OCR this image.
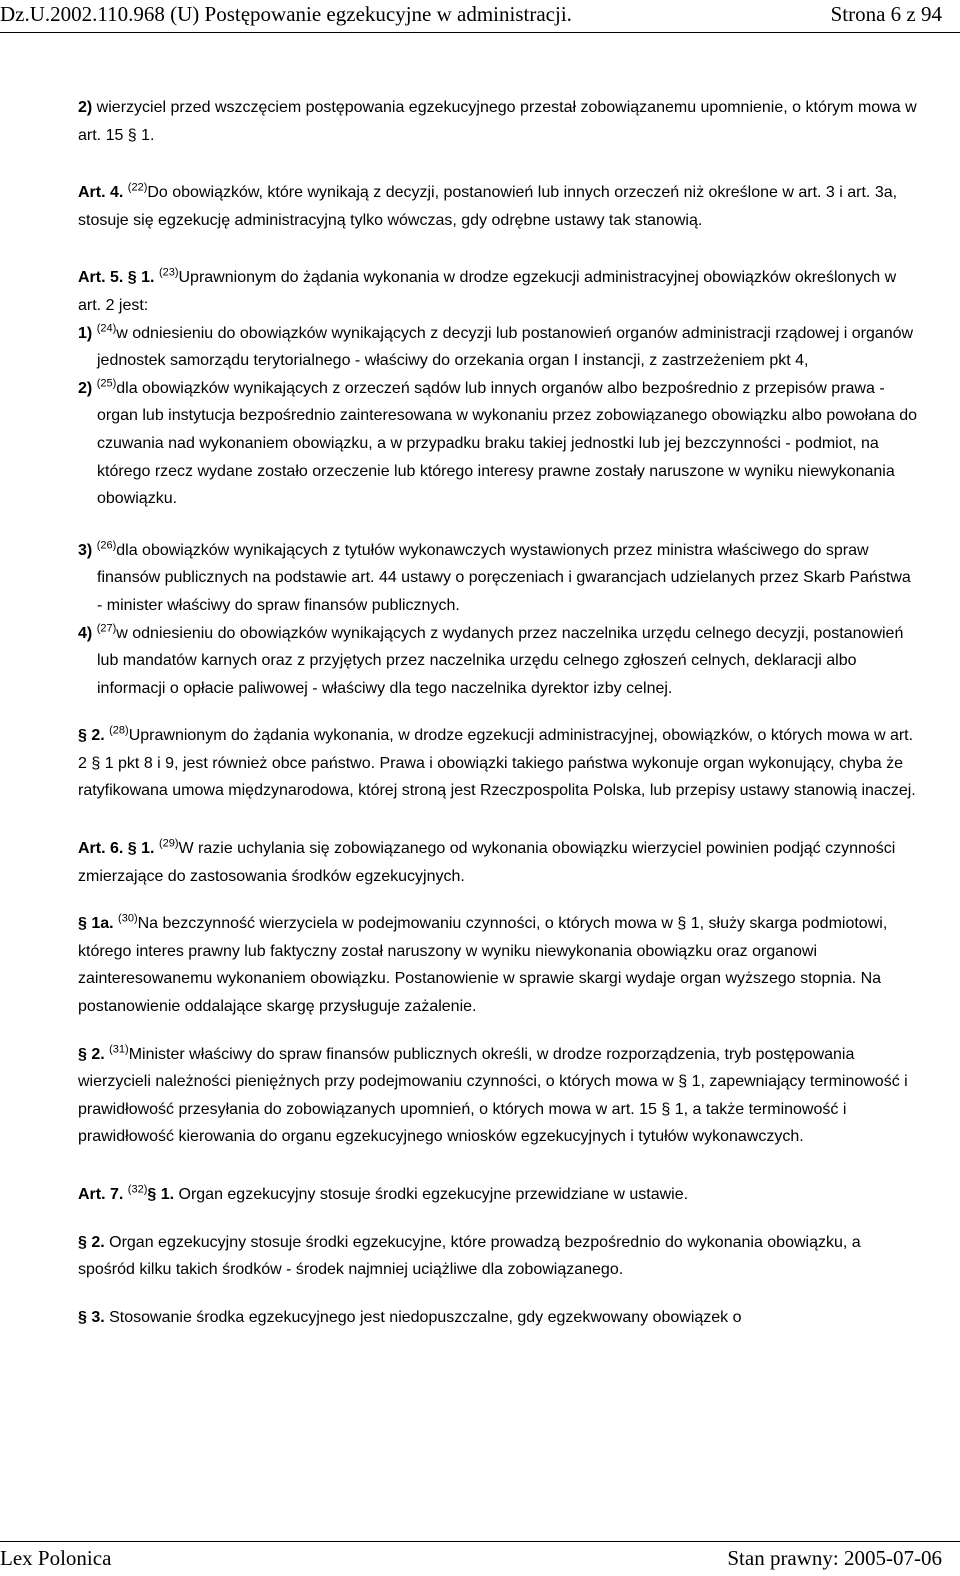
Dz.U.2002.110.968 (U) Postępowanie egzekucyjne w administracji.	Strona 6 z 94

2) wierzyciel przed wszczęciem postępowania egzekucyjnego przestał zobowiązanemu upomnienie, o którym mowa w art. 15 § 1.

Art. 4. $^{(22)}$Do obowiązków, które wynikają z decyzji, postanowień lub innych orzeczeń niż określone w art. 3 i art. 3a, stosuje się egzekucję administracyjną tylko wówczas, gdy odrębne ustawy tak stanowią.

Art. 5. § 1. $^{(23)}$Uprawnionym do żądania wykonania w drodze egzekucji administracyjnej obowiązków określonych w art. 2 jest:

1) $^{(24)}$w odniesieniu do obowiązków wynikających z decyzji lub postanowień organów administracji rządowej i organów jednostek samorządu terytorialnego - właściwy do orzekania organ I instancji, z zastrzeżeniem pkt 4,

2) $^{(25)}$dla obowiązków wynikających z orzeczeń sądów lub innych organów albo bezpośrednio z przepisów prawa - organ lub instytucja bezpośrednio zainteresowana w wykonaniu przez zobowiązanego obowiązku albo powołana do czuwania nad wykonaniem obowiązku, a w przypadku braku takiej jednostki lub jej bezczynności - podmiot, na którego rzecz wydane zostało orzeczenie lub którego interesy prawne zostały naruszone w wyniku niewykonania obowiązku.

3) $^{(26)}$dla obowiązków wynikających z tytułów wykonawczych wystawionych przez ministra właściwego do spraw finansów publicznych na podstawie art. 44 ustawy o poręczeniach i gwarancjach udzielanych przez Skarb Państwa - minister właściwy do spraw finansów publicznych.

4) $^{(27)}$w odniesieniu do obowiązków wynikających z wydanych przez naczelnika urzędu celnego decyzji, postanowień lub mandatów karnych oraz z przyjętych przez naczelnika urzędu celnego zgłoszeń celnych, deklaracji albo informacji o opłacie paliwowej - właściwy dla tego naczelnika dyrektor izby celnej.

§ 2. $^{(28)}$Uprawnionym do żądania wykonania, w drodze egzekucji administracyjnej, obowiązków, o których mowa w art. 2 § 1 pkt 8 i 9, jest również obce państwo. Prawa i obowiązki takiego państwa wykonuje organ wykonujący, chyba że ratyfikowana umowa międzynarodowa, której stroną jest Rzeczpospolita Polska, lub przepisy ustawy stanowią inaczej.

Art. 6. § 1. $^{(29)}$W razie uchylania się zobowiązanego od wykonania obowiązku wierzyciel powinien podjąć czynności zmierzające do zastosowania środków egzekucyjnych.

§ 1a. $^{(30)}$Na bezczynność wierzyciela w podejmowaniu czynności, o których mowa w § 1, służy skarga podmiotowi, którego interes prawny lub faktyczny został naruszony w wyniku niewykonania obowiązku oraz organowi zainteresowanemu wykonaniem obowiązku. Postanowienie w sprawie skargi wydaje organ wyższego stopnia. Na postanowienie oddalające skargę przysługuje zażalenie.

§ 2. $^{(31)}$Minister właściwy do spraw finansów publicznych określi, w drodze rozporządzenia, tryb postępowania wierzycieli należności pieniężnych przy podejmowaniu czynności, o których mowa w § 1, zapewniający terminowość i prawidłowość przesyłania do zobowiązanych upomnień, o których mowa w art. 15 § 1, a także terminowość i prawidłowość kierowania do organu egzekucyjnego wniosków egzekucyjnych i tytułów wykonawczych.

Art. 7. $^{(32)}$§ 1. Organ egzekucyjny stosuje środki egzekucyjne przewidziane w ustawie.

§ 2. Organ egzekucyjny stosuje środki egzekucyjne, które prowadzą bezpośrednio do wykonania obowiązku, a spośród kilku takich środków - środek najmniej uciążliwe dla zobowiązanego.

§ 3. Stosowanie środka egzekucyjnego jest niedopuszczalne, gdy egzekwowany obowiązek o

Lex Polonica	Stan prawny: 2005-07-06
